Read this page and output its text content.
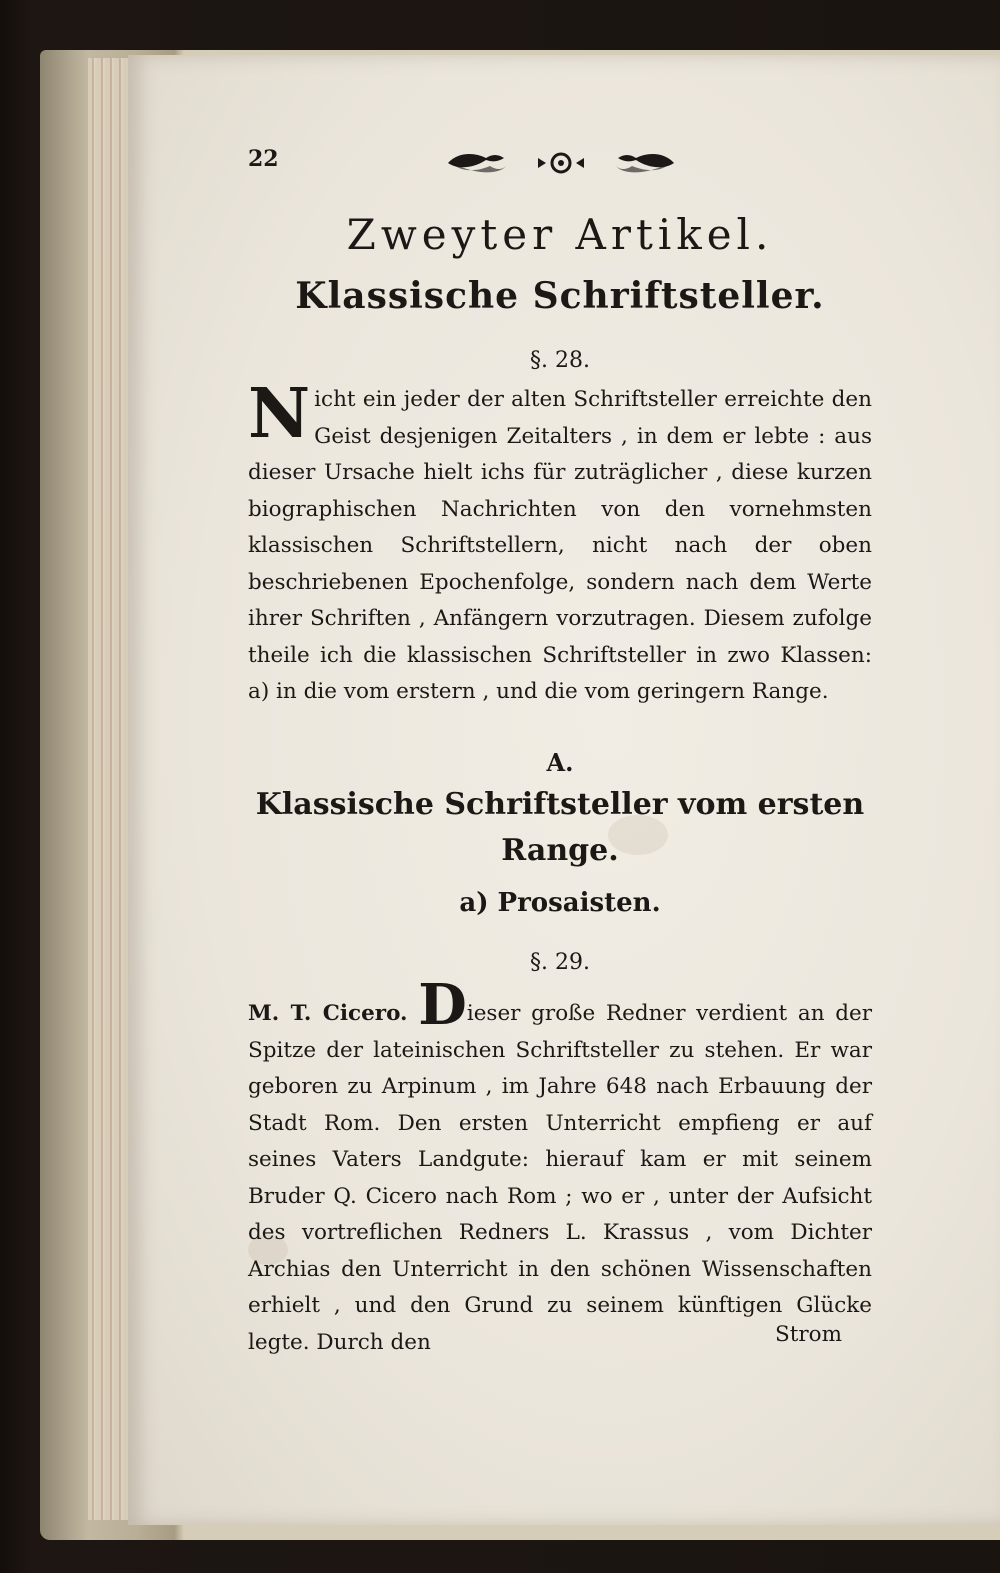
22
Zweyter Artikel.
Klassische Schriftsteller.
§. 28.
N icht ein jeder der alten Schriftsteller erreichte den Geist desjenigen Zeitalters , in dem er lebte : aus dieser Ursache hielt ichs für zuträglicher , diese kurzen biographischen Nachrichten von den vornehmsten klassischen Schriftstellern, nicht nach der oben beschriebenen Epochenfolge, sondern nach dem Werte ihrer Schriften , Anfängern vorzutragen. Diesem zufolge theile ich die klassischen Schriftsteller in zwo Klassen: a) in die vom erstern , und die vom geringern Range.
A.
Klassische Schriftsteller vom ersten Range.
a) Prosaisten.
§. 29.
M. T. Cicero. Dieser große Redner verdient an der Spitze der lateinischen Schriftsteller zu stehen. Er war geboren zu Arpinum , im Jahre 648 nach Erbauung der Stadt Rom. Den ersten Unterricht empfieng er auf seines Vaters Landgute: hierauf kam er mit seinem Bruder Q. Cicero nach Rom ; wo er , unter der Aufsicht des vortreflichen Redners L. Krassus , vom Dichter Archias den Unterricht in den schönen Wissenschaften erhielt , und den Grund zu seinem künftigen Glücke legte. Durch den	Strom
